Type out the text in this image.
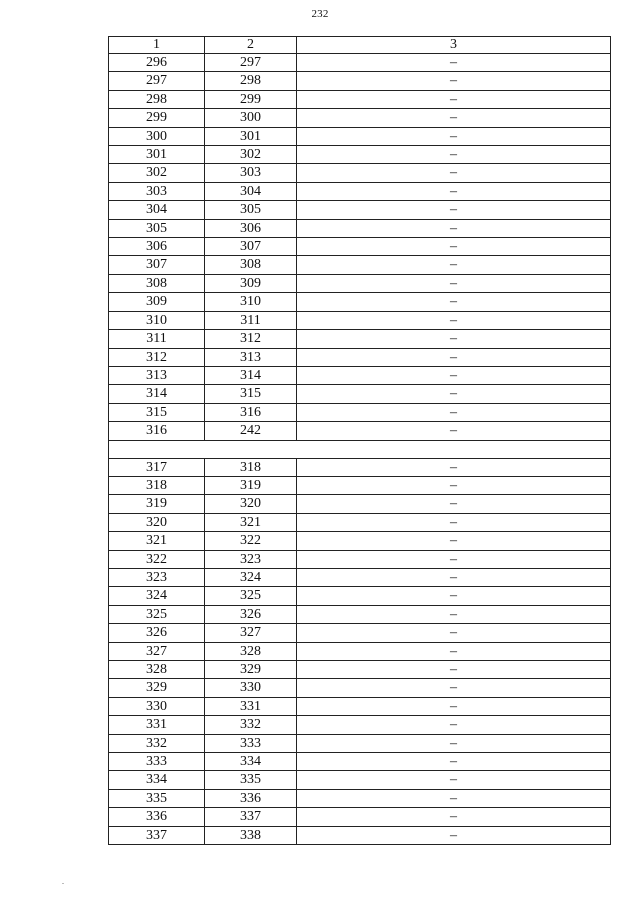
232
1	2	3
296	297	–
297	298	–
298	299	–
299	300	–
300	301	–
301	302	–
302	303	–
303	304	–
304	305	–
305	306	–
306	307	–
307	308	–
308	309	–
309	310	–
310	311	–
311	312	–
312	313	–
313	314	–
314	315	–
315	316	–
316	242	–

317	318	–
318	319	–
319	320	–
320	321	–
321	322	–
322	323	–
323	324	–
324	325	–
325	326	–
326	327	–
327	328	–
328	329	–
329	330	–
330	331	–
331	332	–
332	333	–
333	334	–
334	335	–
335	336	–
336	337	–
337	338	–
